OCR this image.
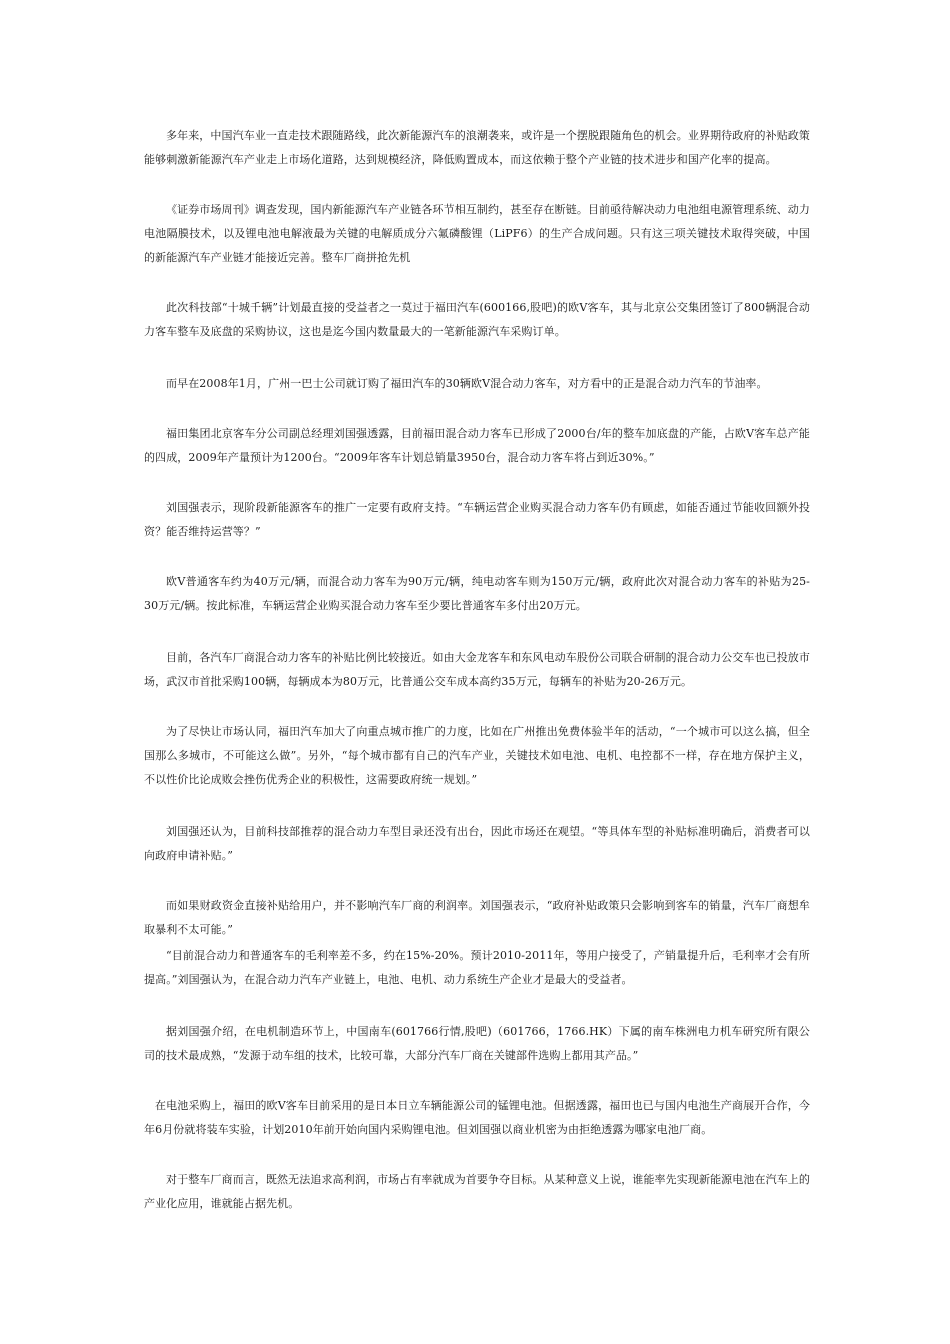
多年来，中国汽车业一直走技术跟随路线，此次新能源汽车的浪潮袭来，或许是一个摆脱跟随角色的机会。业界期待政府的补贴政策能够刺激新能源汽车产业走上市场化道路，达到规模经济，降低购置成本，而这依赖于整个产业链的技术进步和国产化率的提高。

《证券市场周刊》调查发现，国内新能源汽车产业链各环节相互制约，甚至存在断链。目前亟待解决动力电池组电源管理系统、动力电池隔膜技术，以及锂电池电解液最为关键的电解质成分六氟磷酸锂（LiPF6）的生产合成问题。只有这三项关键技术取得突破，中国的新能源汽车产业链才能接近完善。整车厂商拼抢先机

此次科技部“十城千辆”计划最直接的受益者之一莫过于福田汽车(600166,股吧)的欧Ⅴ客车，其与北京公交集团签订了800辆混合动力客车整车及底盘的采购协议，这也是迄今国内数量最大的一笔新能源汽车采购订单。

而早在2008年1月，广州一巴士公司就订购了福田汽车的30辆欧Ⅴ混合动力客车，对方看中的正是混合动力汽车的节油率。

福田集团北京客车分公司副总经理刘国强透露，目前福田混合动力客车已形成了2000台/年的整车加底盘的产能，占欧Ⅴ客车总产能的四成，2009年产量预计为1200台。“2009年客车计划总销量3950台，混合动力客车将占到近30%。”

刘国强表示，现阶段新能源客车的推广一定要有政府支持。“车辆运营企业购买混合动力客车仍有顾虑，如能否通过节能收回额外投资？能否维持运营等？”

欧Ⅴ普通客车约为40万元/辆，而混合动力客车为90万元/辆，纯电动客车则为150万元/辆，政府此次对混合动力客车的补贴为25-30万元/辆。按此标准，车辆运营企业购买混合动力客车至少要比普通客车多付出20万元。

目前，各汽车厂商混合动力客车的补贴比例比较接近。如由大金龙客车和东风电动车股份公司联合研制的混合动力公交车也已投放市场，武汉市首批采购100辆，每辆成本为80万元，比普通公交车成本高约35万元，每辆车的补贴为20-26万元。

为了尽快让市场认同，福田汽车加大了向重点城市推广的力度，比如在广州推出免费体验半年的活动，“一个城市可以这么搞，但全国那么多城市，不可能这么做”。另外，“每个城市都有自己的汽车产业，关键技术如电池、电机、电控都不一样，存在地方保护主义，不以性价比论成败会挫伤优秀企业的积极性，这需要政府统一规划。”

刘国强还认为，目前科技部推荐的混合动力车型目录还没有出台，因此市场还在观望。“等具体车型的补贴标准明确后，消费者可以向政府申请补贴。”

而如果财政资金直接补贴给用户，并不影响汽车厂商的利润率。刘国强表示，“政府补贴政策只会影响到客车的销量，汽车厂商想牟取暴利不太可能。”

“目前混合动力和普通客车的毛利率差不多，约在15%-20%。预计2010-2011年，等用户接受了，产销量提升后，毛利率才会有所提高。”刘国强认为，在混合动力汽车产业链上，电池、电机、动力系统生产企业才是最大的受益者。

据刘国强介绍，在电机制造环节上，中国南车(601766行情,股吧)（601766，1766.HK）下属的南车株洲电力机车研究所有限公司的技术最成熟，“发源于动车组的技术，比较可靠，大部分汽车厂商在关键部件选购上都用其产品。”

在电池采购上，福田的欧Ⅴ客车目前采用的是日本日立车辆能源公司的锰锂电池。但据透露，福田也已与国内电池生产商展开合作，今年6月份就将装车实验，计划2010年前开始向国内采购锂电池。但刘国强以商业机密为由拒绝透露为哪家电池厂商。

对于整车厂商而言，既然无法追求高利润，市场占有率就成为首要争夺目标。从某种意义上说，谁能率先实现新能源电池在汽车上的产业化应用，谁就能占据先机。
